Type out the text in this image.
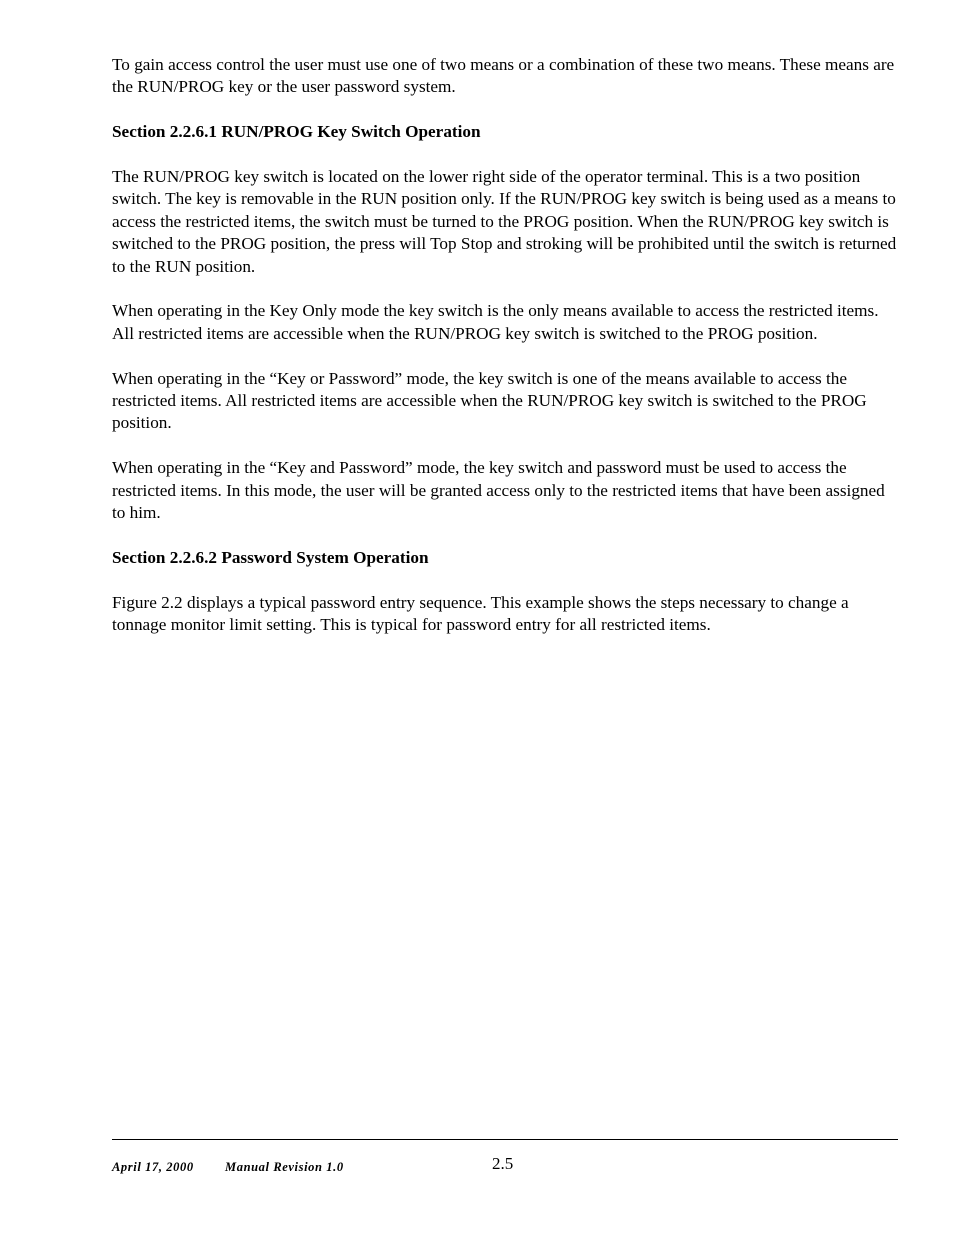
To gain access control the user must use one of two means or a combination of these two means. These means are the RUN/PROG key or the user password system.

Section 2.2.6.1 RUN/PROG Key Switch Operation

The RUN/PROG key switch is located on the lower right side of the operator terminal. This is a two position switch. The key is removable in the RUN position only. If the RUN/PROG key switch is being used as a means to access the restricted items, the switch must be turned to the PROG position. When the RUN/PROG key switch is switched to the PROG position, the press will Top Stop and stroking will be prohibited until the switch is returned to the RUN position.

When operating in the Key Only mode the key switch is the only means available to access the restricted items. All restricted items are accessible when the RUN/PROG key switch is switched to the PROG position.

When operating in the “Key or Password” mode, the key switch is one of the means available to access the restricted items. All restricted items are accessible when the RUN/PROG key switch is switched to the PROG position.

When operating in the “Key and Password” mode, the key switch and password must be used to access the restricted items. In this mode, the user will be granted access only to the restricted items that have been assigned to him.

Section 2.2.6.2 Password System Operation

Figure 2.2 displays a typical password entry sequence. This example shows the steps necessary to change a tonnage monitor limit setting. This is typical for password entry for all restricted items.

April 17, 2000	Manual Revision 1.0	2.5
